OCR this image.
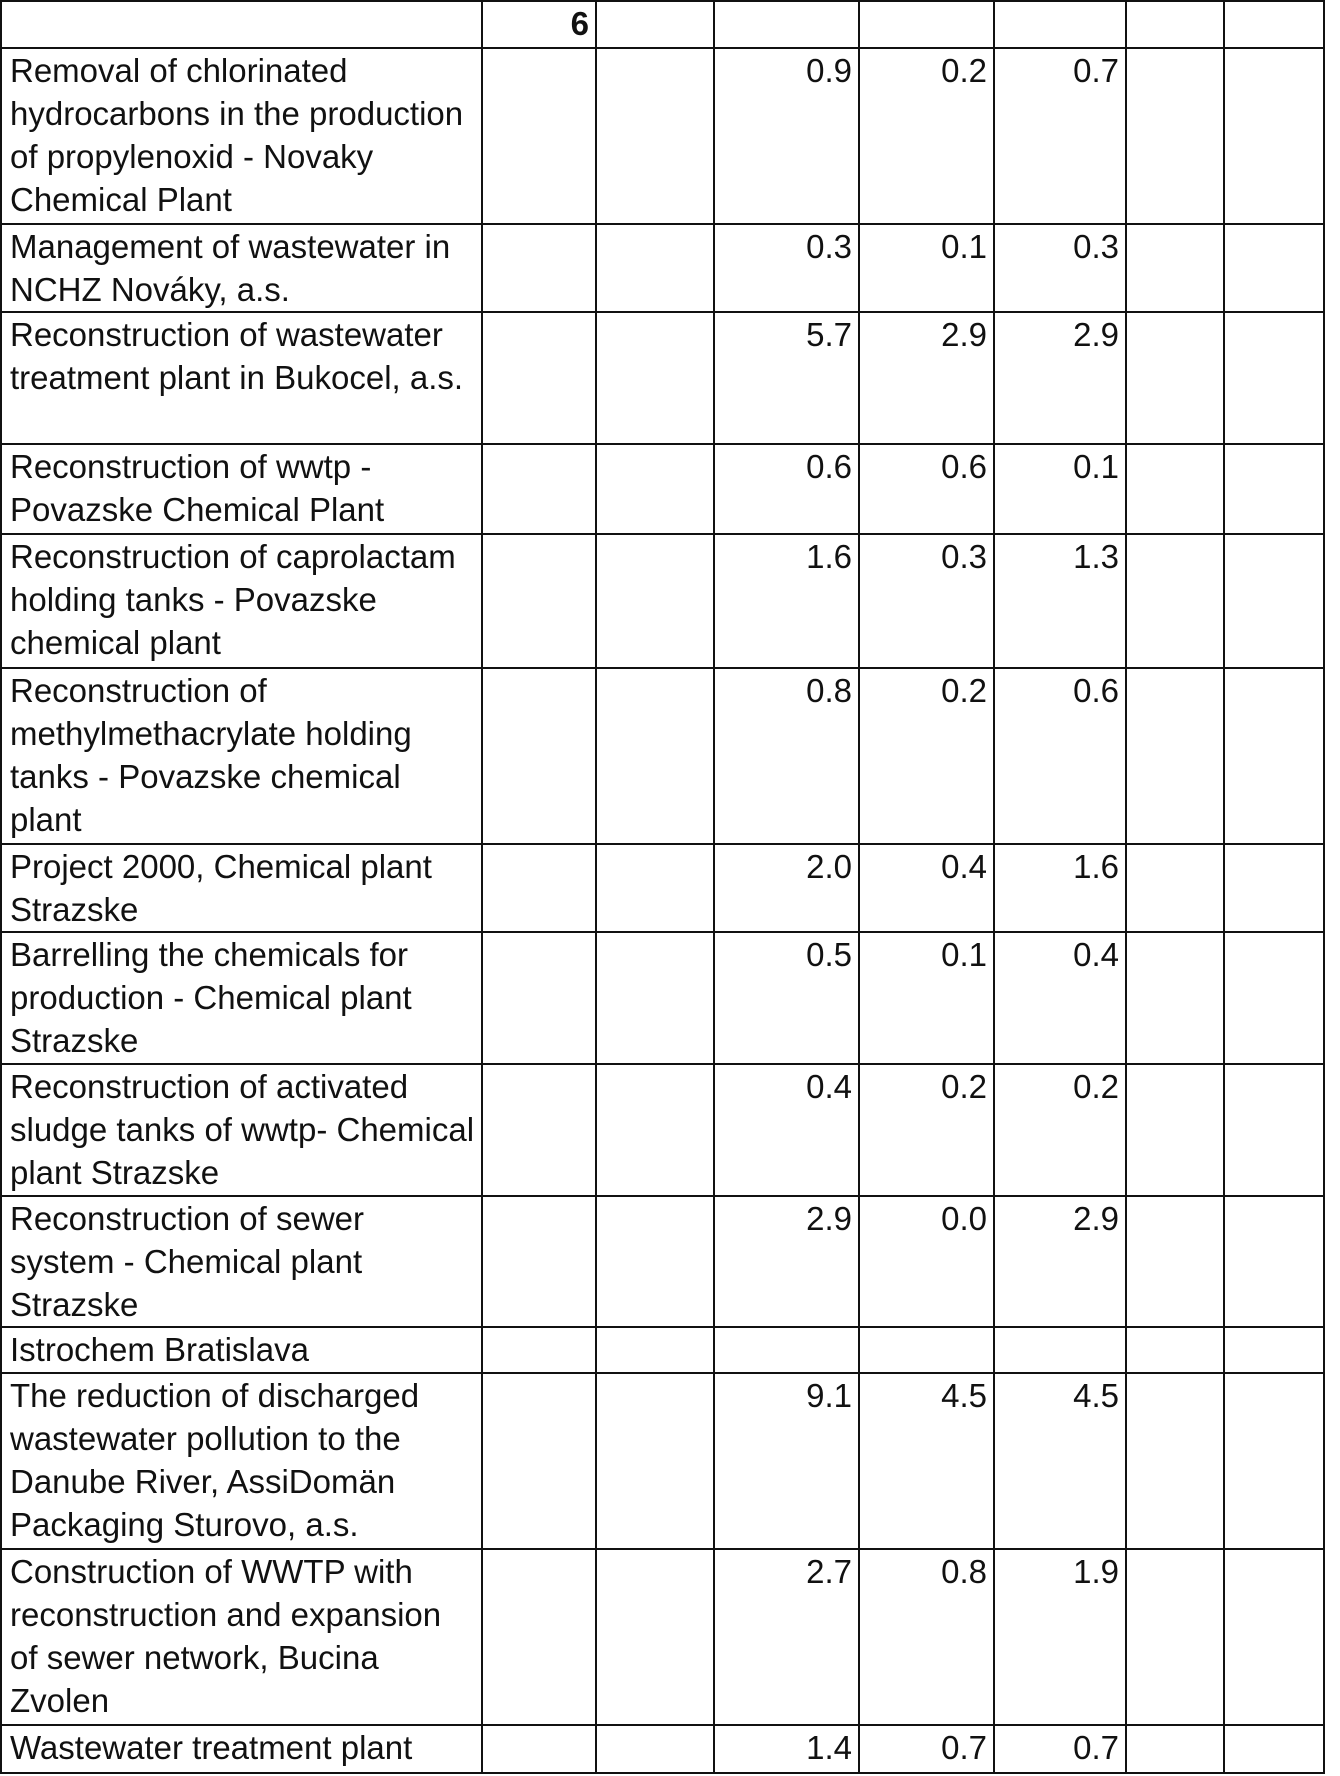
	6						
Removal of chlorinated hydrocarbons in the production of propylenoxid - Novaky Chemical Plant			0.9	0.2	0.7		
Management of wastewater in NCHZ Nováky, a.s.			0.3	0.1	0.3		
Reconstruction of wastewater treatment plant in Bukocel, a.s.			5.7	2.9	2.9		
Reconstruction of wwtp - Povazske Chemical Plant			0.6	0.6	0.1		
Reconstruction of caprolactam holding tanks - Povazske chemical plant			1.6	0.3	1.3		
Reconstruction of methylmethacrylate holding tanks - Povazske chemical plant			0.8	0.2	0.6		
Project 2000, Chemical plant Strazske			2.0	0.4	1.6		
Barrelling the chemicals for production - Chemical plant Strazske			0.5	0.1	0.4		
Reconstruction of activated sludge tanks of wwtp- Chemical plant Strazske			0.4	0.2	0.2		
Reconstruction of sewer system - Chemical plant Strazske			2.9	0.0	2.9		
Istrochem Bratislava							
The reduction of discharged wastewater pollution to the Danube River, AssiDomän Packaging Sturovo, a.s.			9.1	4.5	4.5		
Construction of WWTP with reconstruction and expansion of sewer network, Bucina Zvolen			2.7	0.8	1.9		
Wastewater treatment plant			1.4	0.7	0.7		
